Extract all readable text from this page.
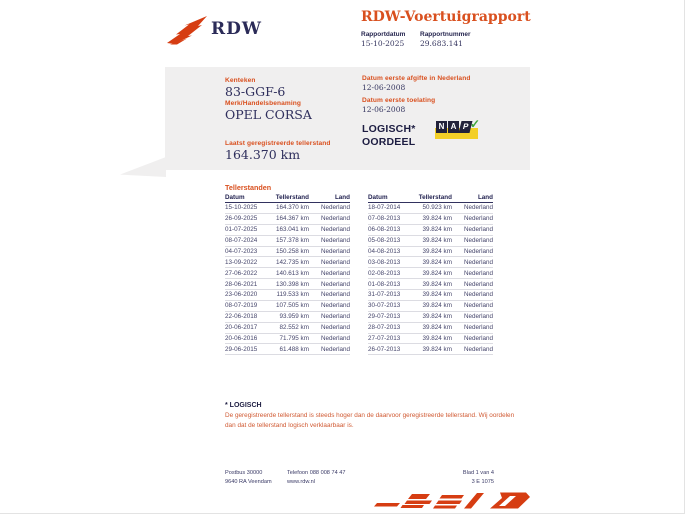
RDW
RDW-Voertuigrapport
Rapportdatum Rapportnummer
15-10-2025 29.683.141
Kenteken
83-GGF-6
Merk/Handelsbenaming
OPEL CORSA
Laatst geregistreerde tellerstand
164.370 km
Datum eerste afgifte in Nederland
12-06-2008
Datum eerste toelating
12-06-2008
LOGISCH*
OORDEEL
N A P ✓
Tellerstanden
Datum	Tellerstand	Land
15-10-2025	164.370 km	Nederland
26-09-2025	164.367 km	Nederland
01-07-2025	163.041 km	Nederland
08-07-2024	157.378 km	Nederland
04-07-2023	150.258 km	Nederland
13-09-2022	142.735 km	Nederland
27-06-2022	140.613 km	Nederland
28-06-2021	130.398 km	Nederland
23-06-2020	119.533 km	Nederland
08-07-2019	107.505 km	Nederland
22-06-2018	93.959 km	Nederland
20-06-2017	82.552 km	Nederland
20-06-2016	71.795 km	Nederland
29-06-2015	61.488 km	Nederland
Datum	Tellerstand	Land
18-07-2014	50.923 km	Nederland
07-08-2013	39.824 km	Nederland
06-08-2013	39.824 km	Nederland
05-08-2013	39.824 km	Nederland
04-08-2013	39.824 km	Nederland
03-08-2013	39.824 km	Nederland
02-08-2013	39.824 km	Nederland
01-08-2013	39.824 km	Nederland
31-07-2013	39.824 km	Nederland
30-07-2013	39.824 km	Nederland
29-07-2013	39.824 km	Nederland
28-07-2013	39.824 km	Nederland
27-07-2013	39.824 km	Nederland
26-07-2013	39.824 km	Nederland
* LOGISCH
De geregistreerde tellerstand is steeds hoger dan de daarvoor geregistreerde tellerstand. Wij oordelen dan dat de tellerstand logisch verklaarbaar is.
Postbus 30000
9640 RA Veendam
Telefoon 088 008 74 47
www.rdw.nl
Blad 1 van 4
3 E 1075
